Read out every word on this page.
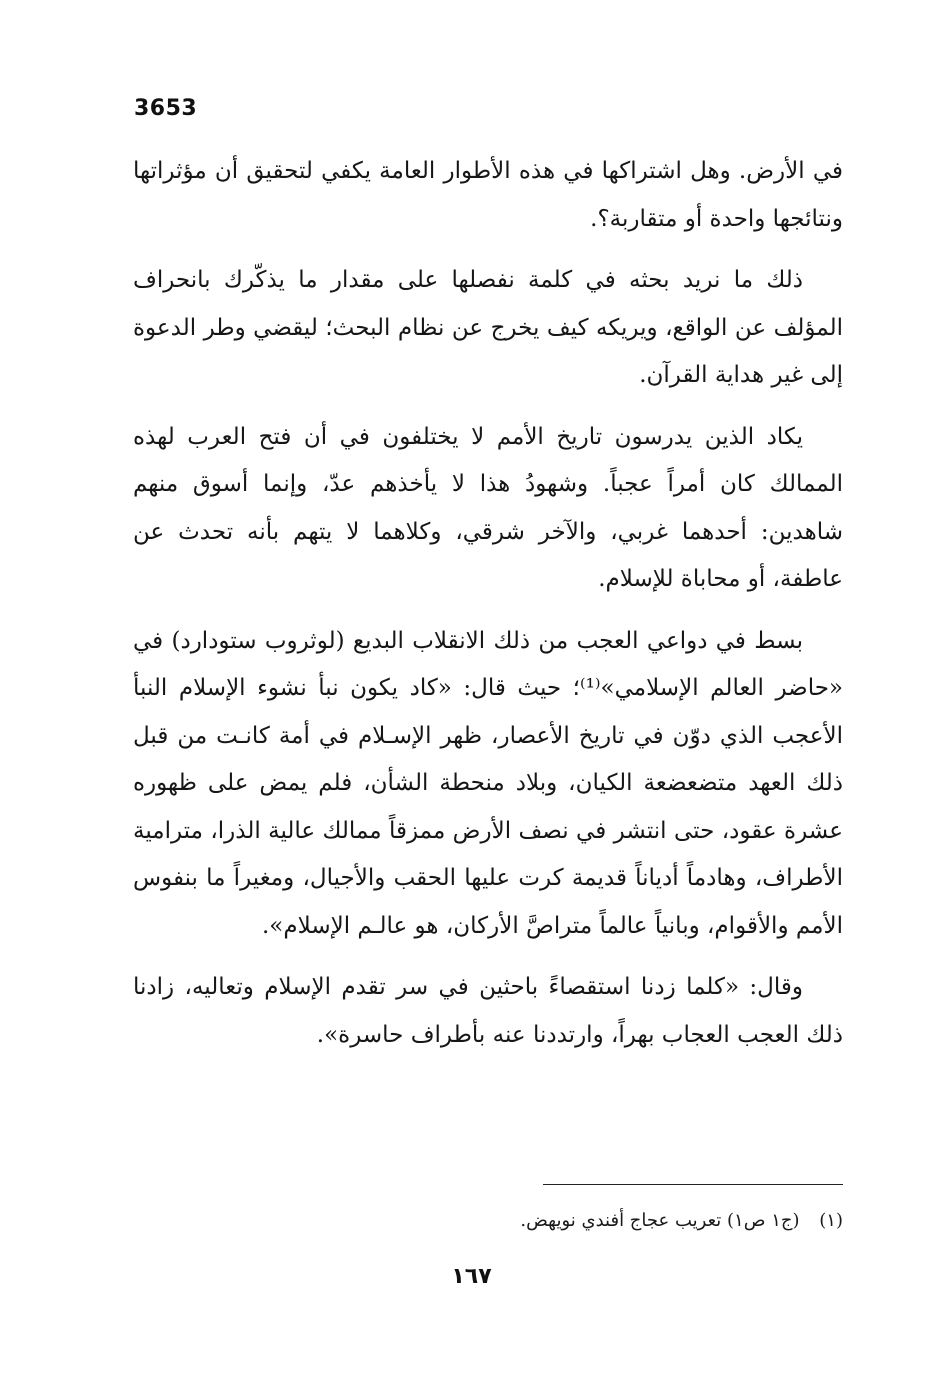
3653

في الأرض. وهل اشتراكها في هذه الأطوار العامة يكفي لتحقيق أن مؤثراتها ونتائجها واحدة أو متقاربة؟.

ذلك ما نريد بحثه في كلمة نفصلها على مقدار ما يذكّرك بانحراف المؤلف عن الواقع، ويريكه كيف يخرج عن نظام البحث؛ ليقضي وطر الدعوة إلى غير هداية القرآن.

يكاد الذين يدرسون تاريخ الأمم لا يختلفون في أن فتح العرب لهذه الممالك كان أمراً عجباً. وشهودُ هذا لا يأخذهم عدّ، وإنما أسوق منهم شاهدين: أحدهما غربي، والآخر شرقي، وكلاهما لا يتهم بأنه تحدث عن عاطفة، أو محاباة للإسلام.

بسط في دواعي العجب من ذلك الانقلاب البديع (لوثروب ستودارد) في «حاضر العالم الإسلامي»⁽¹⁾؛ حيث قال: «كاد يكون نبأ نشوء الإسلام النبأ الأعجب الذي دوّن في تاريخ الأعصار، ظهر الإسـلام في أمة كانـت من قبل ذلك العهد متضعضعة الكيان، وبلاد منحطة الشأن، فلم يمض على ظهوره عشرة عقود، حتى انتشر في نصف الأرض ممزقاً ممالك عالية الذرا، مترامية الأطراف، وهادماً أدياناً قديمة كرت عليها الحقب والأجيال، ومغيراً ما بنفوس الأمم والأقوام، وبانياً عالماً متراصَّ الأركان، هو عالـم الإسلام».

وقال: «كلما زدنا استقصاءً باحثين في سر تقدم الإسلام وتعاليه، زادنا ذلك العجب العجاب بهراً، وارتددنا عنه بأطراف حاسرة».

(١) (ج١ ص١) تعريب عجاج أفندي نويهض.
١٦٧
